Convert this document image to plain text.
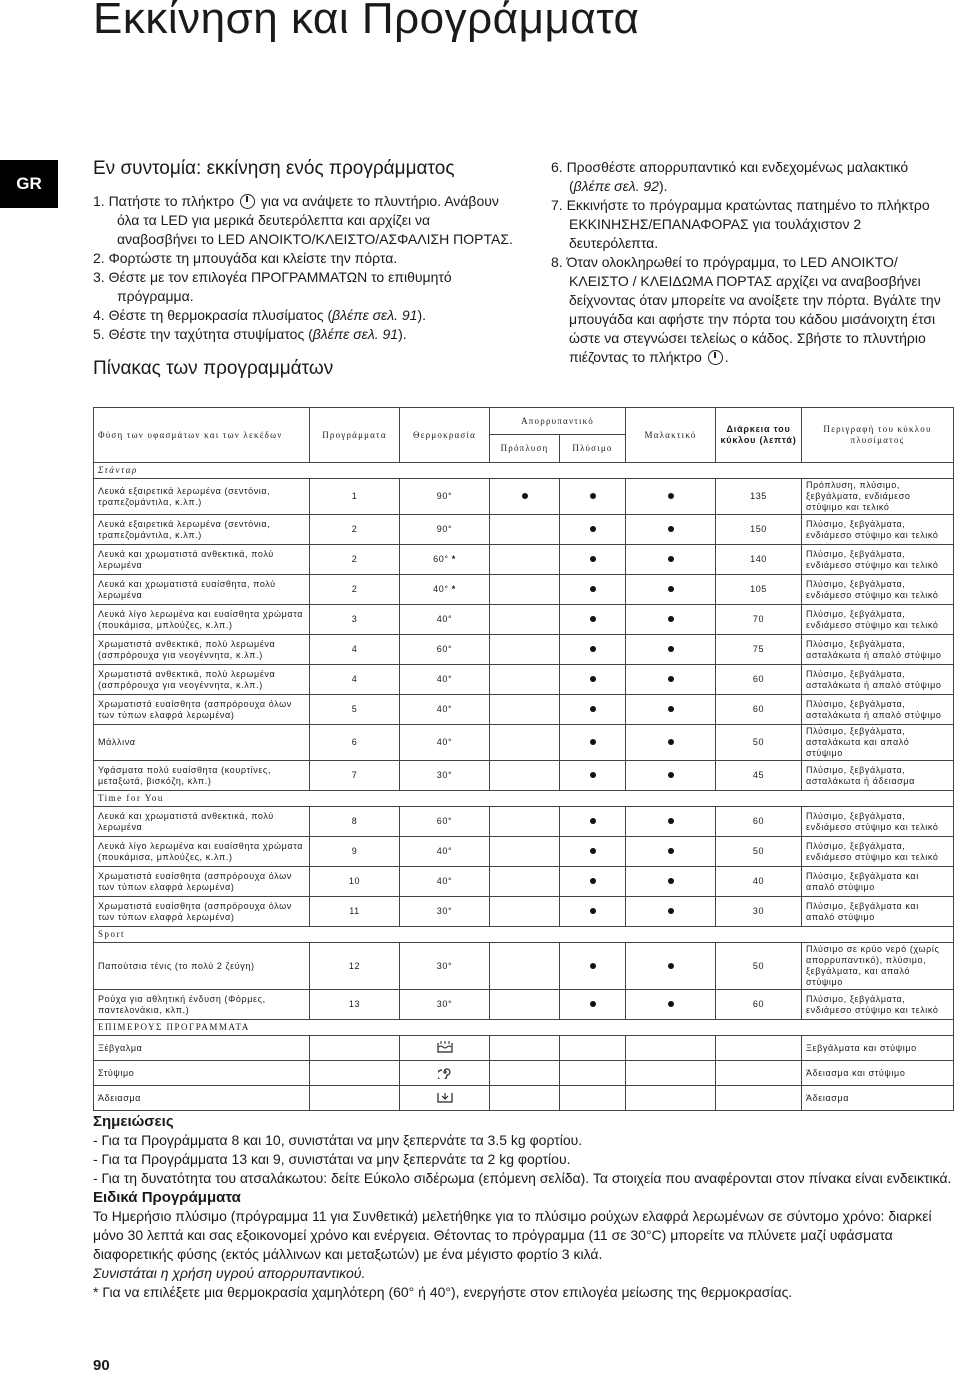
Εκκίνηση και Προγράμματα
GR
Εν συντομία: εκκίνηση ενός προγράμματος

1. Πατήστε το πλήκτρο  για να ανάψετε το πλυντήριο. Ανάβουν όλα τα LED για μερικά δευτερόλεπτα και αρχίζει να αναβοσβήνει το LED ΑΝΟΙΚΤΟ/ΚΛΕΙΣΤΟ/ΑΣΦΑΛΙΣΗ ΠΟΡΤΑΣ.

2. Φορτώστε τη μπουγάδα και κλείστε την πόρτα.

3. Θέστε με τον επιλογέα ΠΡΟΓΡΑΜΜΑΤΩΝ το επιθυμητό πρόγραμμα.

4. Θέστε τη θερμοκρασία πλυσίματος (βλέπε σελ. 91).

5. Θέστε την ταχύτητα στυψίματος (βλέπε σελ. 91).

Πίνακας των προγραμμάτων

6. Προσθέστε απορρυπαντικό και ενδεχομένως μαλακτικό (βλέπε σελ. 92).

7. Εκκινήστε το πρόγραμμα κρατώντας πατημένο το πλήκτρο ΕΚΚΙΝΗΣΗΣ/ΕΠΑΝΑΦΟΡΑΣ για τουλάχιστον 2 δευτερόλεπτα.

8. Όταν ολοκληρωθεί το πρόγραμμα, το LED ΑΝΟΙΚΤΟ/ ΚΛΕΙΣΤΟ / ΚΛΕΙΔΩΜΑ ΠΟΡΤΑΣ αρχίζει να αναβοσβήνει δείχνοντας όταν μπορείτε να ανοίξετε την πόρτα. Βγάλτε την μπουγάδα και αφήστε την πόρτα του κάδου μισάνοιχτη έτσι ώστε να στεγνώσει τελείως ο κάδος. Σβήστε το πλυντήριο πιέζοντας το πλήκτρο .

Φύση των υφασμάτων και των λεκέδων	Προγράμματα	Θερμοκρασία	Απορρυπαντικό		Μαλακτικό	Διάρκεια του κύκλου (λεπτά)	Περιγραφή του κύκλου πλυσίματος
			Πρόπλυση	Πλύσιμο			
Στάνταρ							
Λευκά εξαιρετικά λερωμένα (σεντόνια, τραπεζομάντιλα, κ.λπ.)	1	90°				135	Πρόπλυση, πλύσιμο, ξεβγάλματα, ενδιάμεσο στύψιμο και τελικό
Λευκά εξαιρετικά λερωμένα (σεντόνια, τραπεζομάντιλα, κ.λπ.)	2	90°				150	Πλύσιμο, ξεβγάλματα, ενδιάμεσο στύψιμο και τελικό
Λευκά και χρωματιστά ανθεκτικά, πολύ λερωμένα	2	60° *				140	Πλύσιμο, ξεβγάλματα, ενδιάμεσο στύψιμο και τελικό
Λευκά και χρωματιστά ευαίσθητα, πολύ λερωμένα	2	40° *				105	Πλύσιμο, ξεβγάλματα, ενδιάμεσο στύψιμο και τελικό
Λευκά λίγο λερωμένα και ευαίσθητα χρώματα (πουκάμισα, μπλούζες, κ.λπ.)	3	40°				70	Πλύσιμο, ξεβγάλματα, ενδιάμεσο στύψιμο και τελικό
Χρωματιστά ανθεκτικά, πολύ λερωμένα (ασπρόρουχα για νεογέννητα, κ.λπ.)	4	60°				75	Πλύσιμο, ξεβγάλματα, ασταλάκωτα ή απαλό στύψιμο
Χρωματιστά ανθεκτικά, πολύ λερωμένα (ασπρόρουχα για νεογέννητα, κ.λπ.)	4	40°				60	Πλύσιμο, ξεβγάλματα, ασταλάκωτα ή απαλό στύψιμο
Χρωματιστά ευαίσθητα (ασπρόρουχα όλων των τύπων ελαφρά λερωμένα)	5	40°				60	Πλύσιμο, ξεβγάλματα, ασταλάκωτα ή απαλό στύψιμο
Μάλλινα	6	40°				50	Πλύσιμο, ξεβγάλματα, ασταλάκωτα και απαλό στύψιμο
Υφάσματα πολύ ευαίσθητα (κουρτίνες, μεταξωτά, βισκόζη, κλπ.)	7	30°				45	Πλύσιμο, ξεβγάλματα, ασταλάκωτα ή άδειασμα
Time for You							
Λευκά και χρωματιστά ανθεκτικά, πολύ λερωμένα	8	60°				60	Πλύσιμο, ξεβγάλματα, ενδιάμεσο στύψιμο και τελικό
Λευκά λίγο λερωμένα και ευαίσθητα χρώματα (πουκάμισα, μπλούζες, κ.λπ.)	9	40°				50	Πλύσιμο, ξεβγάλματα, ενδιάμεσο στύψιμο και τελικό
Χρωματιστά ευαίσθητα (ασπρόρουχα όλων των τύπων ελαφρά λερωμένα)	10	40°				40	Πλύσιμο, ξεβγάλματα και απαλό στύψιμο
Χρωματιστά ευαίσθητα (ασπρόρουχα όλων των τύπων ελαφρά λερωμένα)	11	30°				30	Πλύσιμο, ξεβγάλματα και απαλό στύψιμο
Sport							
Παπούτσια τένις (το πολύ 2 ζεύγη)	12	30°				50	Πλύσιμο σε κρύο νερό (χωρίς απορρυπαντικό), πλύσιμο, ξεβγάλματα, και απαλό στύψιμο
Ρούχα για αθλητική ένδυση (Φόρμες, παντελονάκια, κλπ.)	13	30°				60	Πλύσιμο, ξεβγάλματα, ενδιάμεσο στύψιμο και τελικό
ΕΠΙΜΕΡΟΥΣ ΠΡΟΓΡΑΜΜΑΤΑ							
Ξέβγαλμα							Ξεβγάλματα και στύψιμο
Στύψιμο							Άδειασμα και στύψιμο
Άδειασμα							Άδειασμα

Σημειώσεις

- Για τα Προγράμματα 8 και 10, συνιστάται να μην ξεπερνάτε τα 3.5 kg φορτίου.

- Για τα Προγράμματα 13 και 9, συνιστάται να μην ξεπερνάτε τα 2 kg φορτίου.

- Για τη δυνατότητα του ατσαλάκωτου: δείτε Εύκολο σιδέρωμα (επόμενη σελίδα). Τα στοιχεία που αναφέρονται στον πίνακα είναι ενδεικτικά.

Ειδικά Προγράμματα

Το Ημερήσιο πλύσιμο (πρόγραμμα 11 για Συνθετικά) μελετήθηκε για το πλύσιμο ρούχων ελαφρά λερωμένων σε σύντομο χρόνο: διαρκεί μόνο 30 λεπτά και σας εξοικονομεί χρόνο και ενέργεια. Θέτοντας το πρόγραμμα (11 σε 30°C) μπορείτε να πλύνετε μαζί υφάσματα διαφορετικής φύσης (εκτός μάλλινων και μεταξωτών) με ένα μέγιστο φορτίο 3 κιλά.

Συνιστάται η χρήση υγρού απορρυπαντικού.

* Για να επιλέξετε μια θερμοκρασία χαμηλότερη (60° ή 40°), ενεργήστε στον επιλογέα μείωσης της θερμοκρασίας.

90
